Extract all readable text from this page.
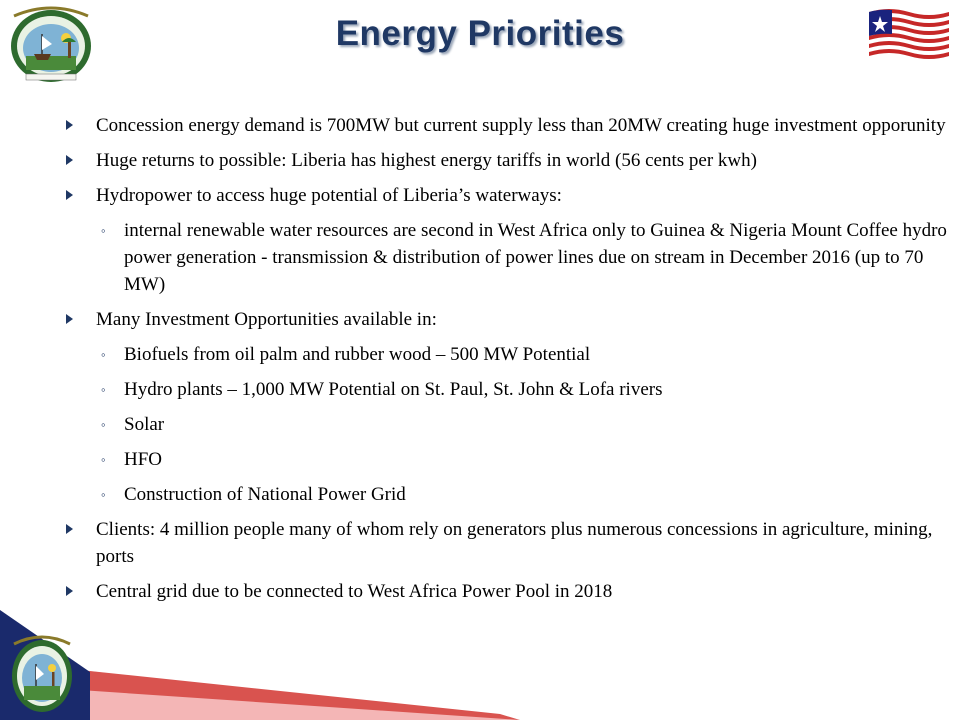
Energy Priorities
Concession energy demand is 700MW but current supply less than 20MW creating huge investment opporunity
Huge returns to possible: Liberia has highest energy tariffs in world (56 cents per kwh)
Hydropower to access huge potential of Liberia’s waterways:
◦ internal renewable water resources are second in West Africa only to Guinea & Nigeria Mount Coffee hydro power generation - transmission & distribution of power lines due on stream in December 2016 (up to 70 MW)
Many Investment Opportunities available in:
◦ Biofuels from oil palm and rubber wood – 500 MW Potential
◦ Hydro plants – 1,000 MW Potential on St. Paul, St. John & Lofa rivers
◦ Solar
◦ HFO
◦ Construction of National Power Grid
Clients: 4 million people many of whom rely on generators plus numerous concessions in agriculture, mining, ports
Central grid due to be connected to West Africa Power Pool in 2018
